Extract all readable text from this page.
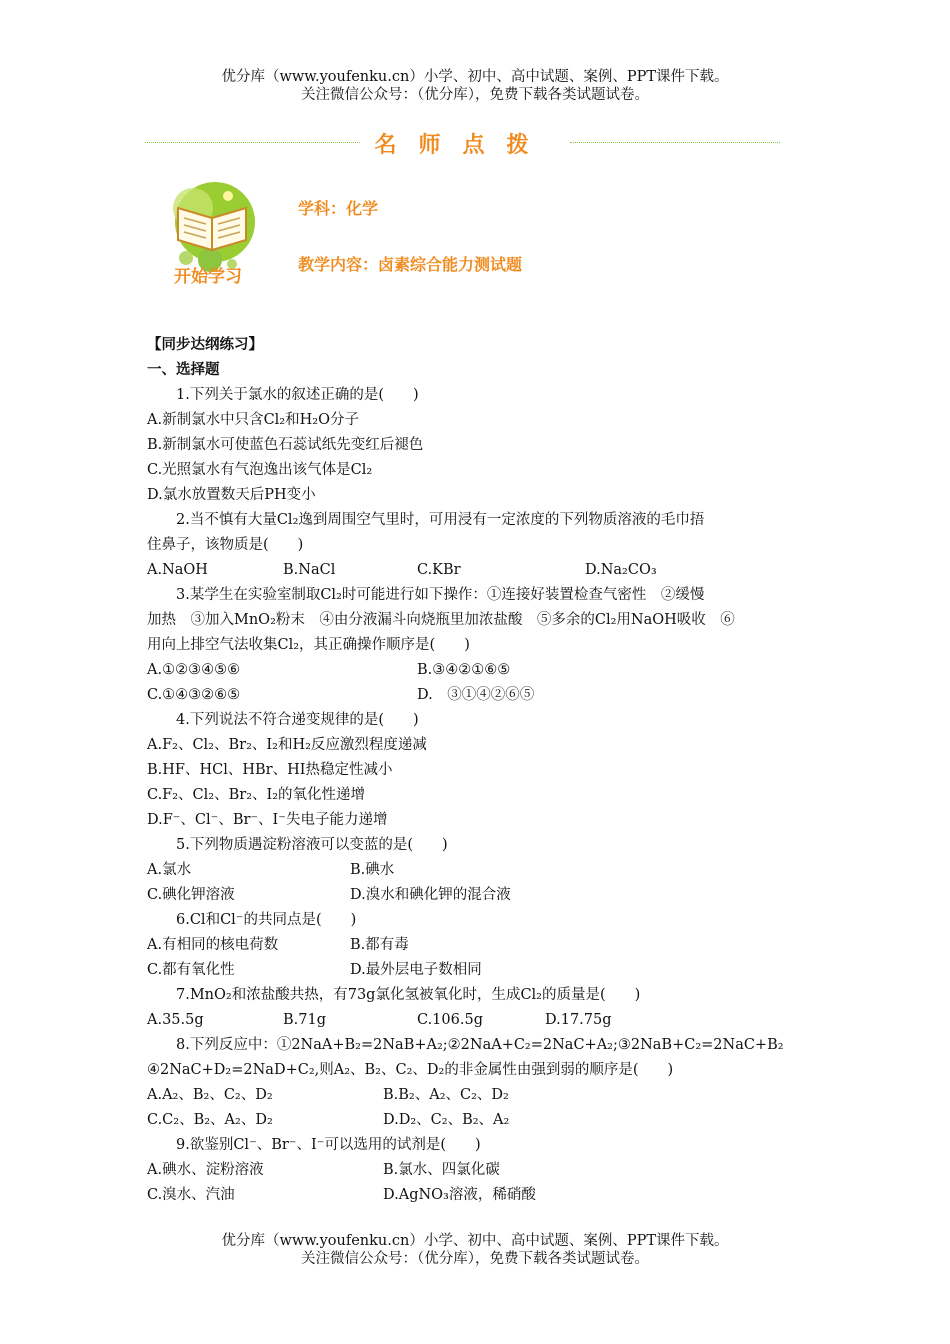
优分库（www.youfenku.cn）小学、初中、高中试题、案例、PPT课件下载。
关注微信公众号：（优分库），免费下载各类试题试卷。
名师点拨
开始学习
学科：化学
教学内容：卤素综合能力测试题
【同步达纲练习】
一、选择题
1.下列关于氯水的叙述正确的是(　　)
A.新制氯水中只含Cl₂和H₂O分子
B.新制氯水可使蓝色石蕊试纸先变红后褪色
C.光照氯水有气泡逸出该气体是Cl₂
D.氯水放置数天后PH变小
2.当不慎有大量Cl₂逸到周围空气里时，可用浸有一定浓度的下列物质溶液的毛巾捂
住鼻子，该物质是(　　)
A.NaOH	B.NaCl	C.KBr	D.Na₂CO₃
3.某学生在实验室制取Cl₂时可能进行如下操作：①连接好装置检查气密性　②缓慢
加热　③加入MnO₂粉末　④由分液漏斗向烧瓶里加浓盐酸　⑤多余的Cl₂用NaOH吸收　⑥
用向上排空气法收集Cl₂，其正确操作顺序是(　　)
A.①②③④⑤⑥	B.③④②①⑥⑤
C.①④③②⑥⑤	D.　③①④②⑥⑤
4.下列说法不符合递变规律的是(　　)
A.F₂、Cl₂、Br₂、I₂和H₂反应激烈程度递减
B.HF、HCl、HBr、HI热稳定性减小
C.F₂、Cl₂、Br₂、I₂的氧化性递增
D.F⁻、Cl⁻、Br⁻、I⁻失电子能力递增
5.下列物质遇淀粉溶液可以变蓝的是(　　)
A.氯水	B.碘水
C.碘化钾溶液	D.溴水和碘化钾的混合液
6.Cl和Cl⁻的共同点是(　　)
A.有相同的核电荷数	B.都有毒
C.都有氧化性	D.最外层电子数相同
7.MnO₂和浓盐酸共热，有73g氯化氢被氧化时，生成Cl₂的质量是(　　)
A.35.5g	B.71g	C.106.5g	D.17.75g
8.下列反应中：①2NaA+B₂=2NaB+A₂;②2NaA+C₂=2NaC+A₂;③2NaB+C₂=2NaC+B₂
④2NaC+D₂=2NaD+C₂,则A₂、B₂、C₂、D₂的非金属性由强到弱的顺序是(　　)
A.A₂、B₂、C₂、D₂	B.B₂、A₂、C₂、D₂
C.C₂、B₂、A₂、D₂	D.D₂、C₂、B₂、A₂
9.欲鉴别Cl⁻、Br⁻、I⁻可以选用的试剂是(　　)
A.碘水、淀粉溶液	B.氯水、四氯化碳
C.溴水、汽油	D.AgNO₃溶液，稀硝酸
优分库（www.youfenku.cn）小学、初中、高中试题、案例、PPT课件下载。
关注微信公众号：（优分库），免费下载各类试题试卷。
